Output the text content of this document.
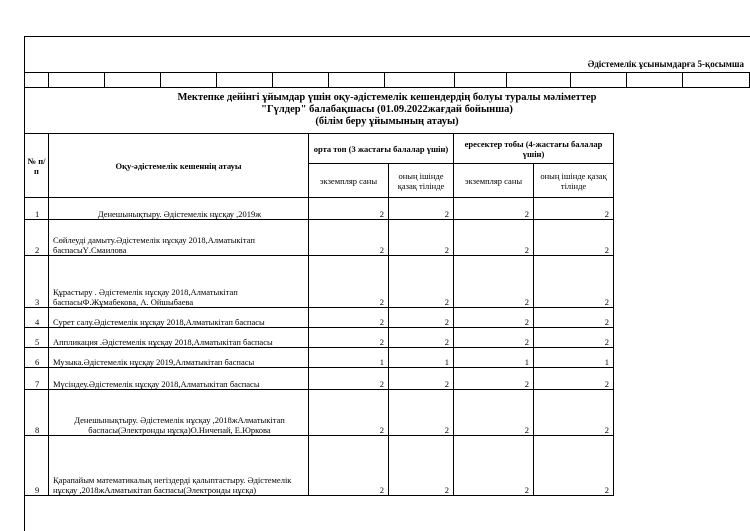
Әдістемелік ұсынымдарға 5-қосымша
Мектепке дейінгі ұйымдар үшін оқу-әдістемелік кешендердің болуы туралы мәліметтер
"Гүлдер" балабақшасы (01.09.2022жағдай бойынша)
(білім беру ұйымының атауы)
№ п/п	Оқу-әдістемелік кешеннің атауы	орта топ (3 жастағы балалар үшін)		ересектер тобы (4-жастағы балалар үшін)		
		экземпляр саны	оның ішінде қазақ тілінде	экземпляр саны	оның ішінде қазақ тілінде	
1	Денешынықтыру. Әдістемелік нұсқау ,2019ж	2	2	2	2	
2	Сөйлеуді дамыту.Әдістемелік нұсқау 2018,Алматыкітап баспасыҮ.Смаилова	2	2	2	2	
3	Құрастыру . Әдістемелік нұсқау 2018,Алматыкітап баспасыФ.Жұмабекова, А. Ойшыбаева	2	2	2	2	
4	Сурет салу.Әдістемелік нұсқау 2018,Алматыкітап баспасы	2	2	2	2	
5	Аппликация .Әдістемелік нұсқау 2018,Алматыкітап баспасы	2	2	2	2	
6	Музыка.Әдістемелік нұсқау 2019,Алматыкітап баспасы	1	1	1	1	
7	Мүсіндеу.Әдістемелік нұсқау 2018,Алматыкітап баспасы	2	2	2	2	
8	Денешынықтыру. Әдістемелік нұсқау ,2018жАлматыкітап баспасы(Электронды нұсқа)О.Ничепай, Е.Юркова	2	2	2	2	
9	Қарапайым математикалық негіздерді қалыптастыру. Әдістемелік нұсқау ,2018жАлматыкітап баспасы(Электронды нұсқа)	2	2	2	2	
